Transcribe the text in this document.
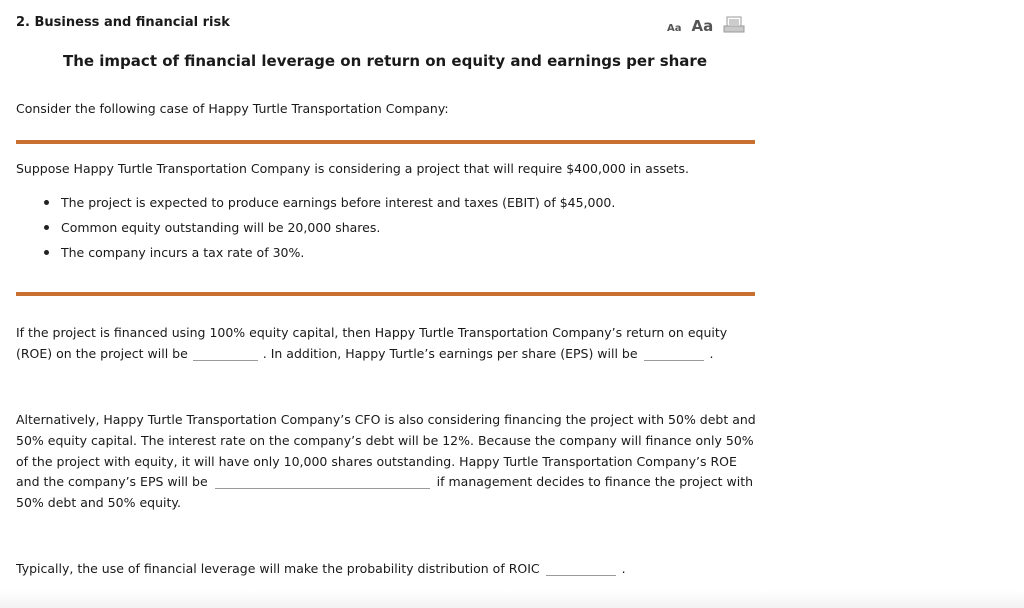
2. Business and financial risk	Aa Aa
The impact of financial leverage on return on equity and earnings per share
Consider the following case of Happy Turtle Transportation Company:
Suppose Happy Turtle Transportation Company is considering a project that will require $400,000 in assets.
The project is expected to produce earnings before interest and taxes (EBIT) of $45,000.
Common equity outstanding will be 20,000 shares.
The company incurs a tax rate of 30%.
If the project is financed using 100% equity capital, then Happy Turtle Transportation Company’s return on equity (ROE) on the project will be	. In addition, Happy Turtle’s earnings per share (EPS) will be	.
Alternatively, Happy Turtle Transportation Company’s CFO is also considering financing the project with 50% debt and 50% equity capital. The interest rate on the company’s debt will be 12%. Because the company will finance only 50% of the project with equity, it will have only 10,000 shares outstanding. Happy Turtle Transportation Company’s ROE and the company’s EPS will be	if management decides to finance the project with 50% debt and 50% equity.
Typically, the use of financial leverage will make the probability distribution of ROIC	.
